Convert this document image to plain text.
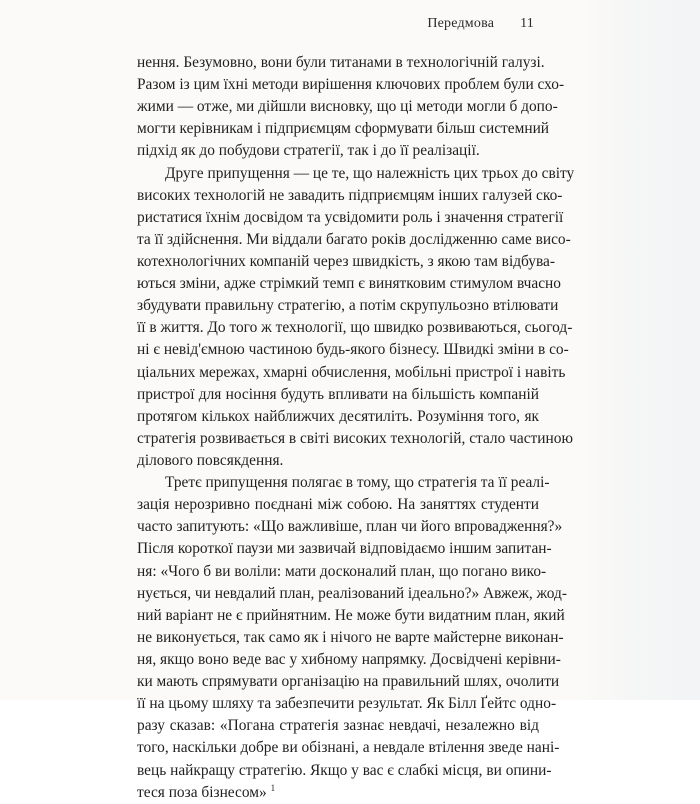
Передмова 11
нення. Безумовно, вони були титанами в технологічній галузі.
Разом із цим їхні методи вирішення ключових проблем були схо-
жими — отже, ми дійшли висновку, що ці методи могли б допо-
могти керівникам і підприємцям сформувати більш системний
підхід як до побудови стратегії, так і до її реалізації.
Друге припущення — це те, що належність цих трьох до світу
високих технологій не завадить підприємцям інших галузей ско-
ристатися їхнім досвідом та усвідомити роль і значення стратегії
та її здійснення. Ми віддали багато років дослідженню саме висо-
котехнологічних компаній через швидкість, з якою там відбува-
ються зміни, адже стрімкий темп є винятковим стимулом вчасно
збудувати правильну стратегію, а потім скрупульозно втілювати
її в життя. До того ж технології, що швидко розвиваються, сьогод-
ні є невід'ємною частиною будь-якого бізнесу. Швидкі зміни в со-
ціальних мережах, хмарні обчислення, мобільні пристрої і навіть
пристрої для носіння будуть впливати на більшість компаній
протягом кількох найближчих десятиліть. Розуміння того, як
стратегія розвивається в світі високих технологій, стало частиною
ділового повсякдення.
Третє припущення полягає в тому, що стратегія та її реалі-
зація нерозривно поєднані між собою. На заняттях студенти
часто запитують: «Що важливіше, план чи його впровадження?»
Після короткої паузи ми зазвичай відповідаємо іншим запитан-
ня: «Чого б ви воліли: мати досконалий план, що погано вико-
нується, чи невдалий план, реалізований ідеально?» Авжеж, жод-
ний варіант не є прийнятним. Не може бути видатним план, який
не виконується, так само як і нічого не варте майстерне виконан-
ня, якщо воно веде вас у хибному напрямку. Досвідчені керівни-
ки мають спрямувати організацію на правильний шлях, очолити
її на цьому шляху та забезпечити результат. Як Білл Ґейтс одно-
разу сказав: «Погана стратегія зазнає невдачі, незалежно від
того, наскільки добре ви обізнані, а невдале втілення зведе нані-
вець найкращу стратегію. Якщо у вас є слабкі місця, ви опини-
теся поза бізнесом» $^1$
